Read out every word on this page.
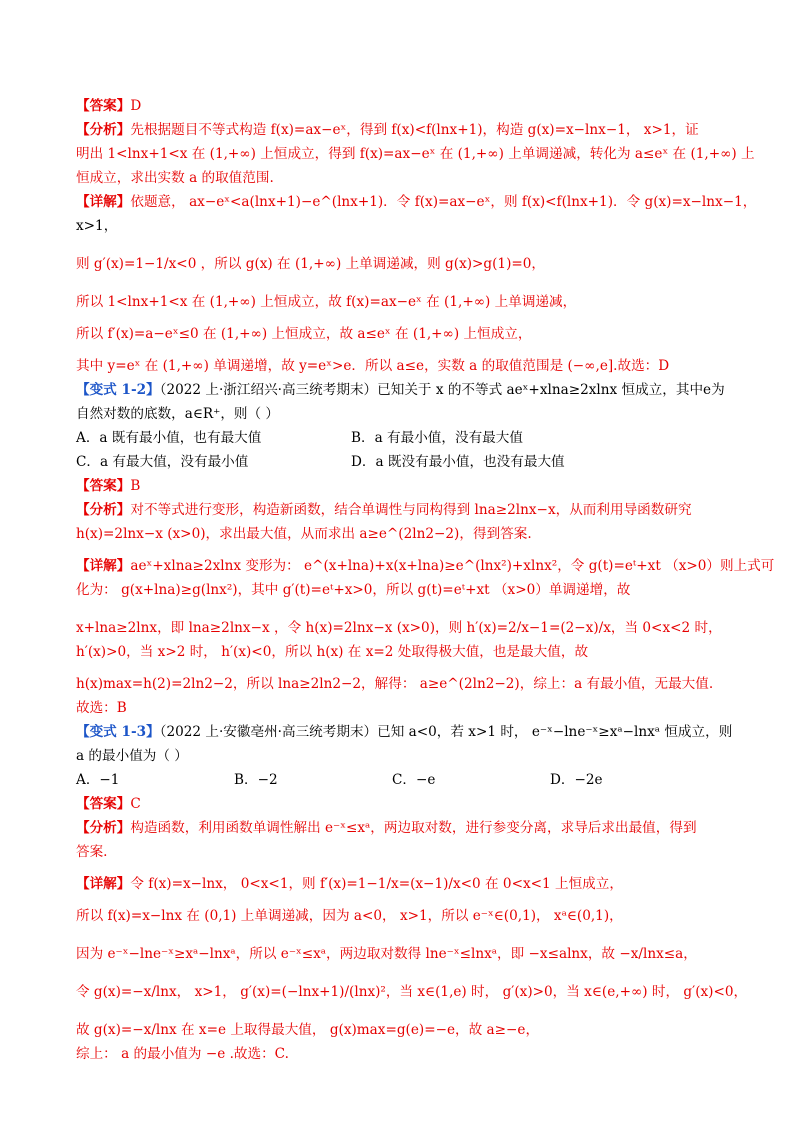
【答案】D
【分析】先根据题目不等式构造 f(x)=ax−eˣ，得到 f(x)<f(lnx+1)，构造 g(x)=x−lnx−1， x>1，证
明出 1<lnx+1<x 在 (1,+∞) 上恒成立，得到 f(x)=ax−eˣ 在 (1,+∞) 上单调递减，转化为 a≤eˣ 在 (1,+∞) 上
恒成立，求出实数 a 的取值范围.
【详解】依题意， ax−eˣ<a(lnx+1)−e^(lnx+1)．令 f(x)=ax−eˣ，则 f(x)<f(lnx+1)．令 g(x)=x−lnx−1，
x>1，
则 g′(x)=1−1/x<0 ，所以 g(x) 在 (1,+∞) 上单调递减，则 g(x)>g(1)=0，
所以 1<lnx+1<x 在 (1,+∞) 上恒成立，故 f(x)=ax−eˣ 在 (1,+∞) 上单调递减，
所以 f′(x)=a−eˣ≤0 在 (1,+∞) 上恒成立，故 a≤eˣ 在 (1,+∞) 上恒成立，
其中 y=eˣ 在 (1,+∞) 单调递增，故 y=eˣ>e．所以 a≤e，实数 a 的取值范围是 (−∞,e].故选：D
【变式 1-2】（2022 上·浙江绍兴·高三统考期末）已知关于 x 的不等式 aeˣ+xlna≥2xlnx 恒成立，其中e为
自然对数的底数，a∈R⁺，则（ ）
A．a 既有最小值，也有最大值	B．a 有最小值，没有最大值
C．a 有最大值，没有最小值	D．a 既没有最小值，也没有最大值
【答案】B
【分析】对不等式进行变形，构造新函数，结合单调性与同构得到 lna≥2lnx−x，从而利用导函数研究
h(x)=2lnx−x (x>0)，求出最大值，从而求出 a≥e^(2ln2−2)，得到答案.
【详解】aeˣ+xlna≥2xlnx 变形为： e^(x+lna)+x(x+lna)≥e^(lnx²)+xlnx²，令 g(t)=eᵗ+xt （x>0）则上式可
化为： g(x+lna)≥g(lnx²)，其中 g′(t)=eᵗ+x>0，所以 g(t)=eᵗ+xt （x>0）单调递增，故
x+lna≥2lnx，即 lna≥2lnx−x ，令 h(x)=2lnx−x (x>0)，则 h′(x)=2/x−1=(2−x)/x，当 0<x<2 时，
h′(x)>0，当 x>2 时， h′(x)<0，所以 h(x) 在 x=2 处取得极大值，也是最大值，故
h(x)max=h(2)=2ln2−2，所以 lna≥2ln2−2，解得： a≥e^(2ln2−2)，综上：a 有最小值，无最大值.
故选：B
【变式 1-3】（2022 上·安徽亳州·高三统考期末）已知 a<0，若 x>1 时， e⁻ˣ−lne⁻ˣ≥xᵃ−lnxᵃ 恒成立，则
a 的最小值为（ ）
A．−1	B．−2	C．−e	D．−2e
【答案】C
【分析】构造函数，利用函数单调性解出 e⁻ˣ≤xᵃ，两边取对数，进行参变分离，求导后求出最值，得到
答案.
【详解】令 f(x)=x−lnx， 0<x<1，则 f′(x)=1−1/x=(x−1)/x<0 在 0<x<1 上恒成立，
所以 f(x)=x−lnx 在 (0,1) 上单调递减，因为 a<0， x>1，所以 e⁻ˣ∈(0,1)， xᵃ∈(0,1)，
因为 e⁻ˣ−lne⁻ˣ≥xᵃ−lnxᵃ，所以 e⁻ˣ≤xᵃ，两边取对数得 lne⁻ˣ≤lnxᵃ，即 −x≤alnx，故 −x/lnx≤a，
令 g(x)=−x/lnx， x>1， g′(x)=(−lnx+1)/(lnx)²，当 x∈(1,e) 时， g′(x)>0，当 x∈(e,+∞) 时， g′(x)<0，
故 g(x)=−x/lnx 在 x=e 上取得最大值， g(x)max=g(e)=−e，故 a≥−e，
综上： a 的最小值为 −e .故选：C.
